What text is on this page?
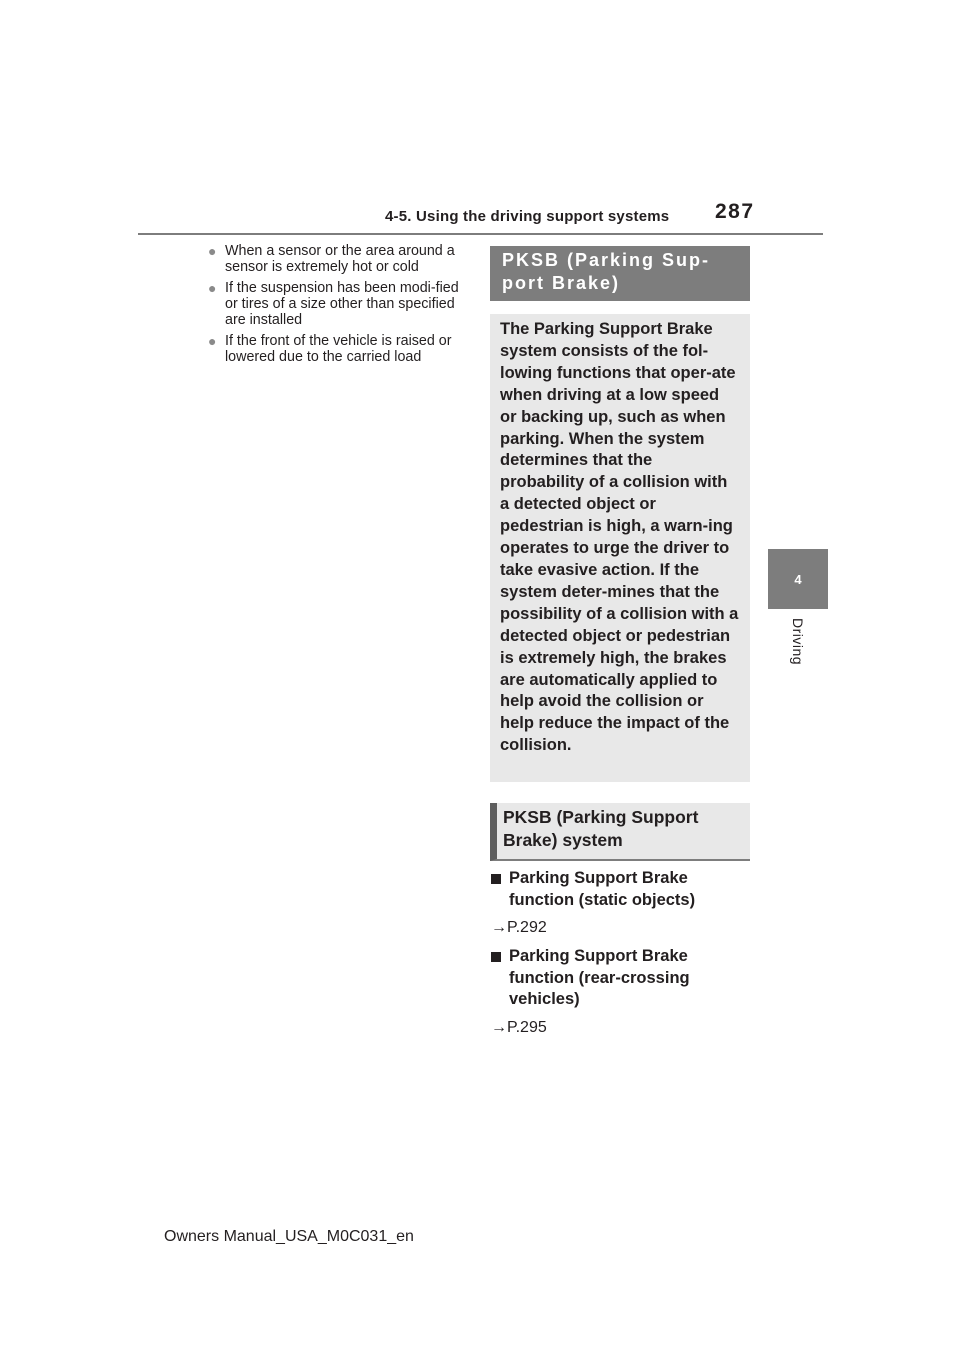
4-5. Using the driving support systems 287
4
Driving
● When a sensor or the area around a sensor is extremely hot or cold
● If the suspension has been modi-fied or tires of a size other than specified are installed
● If the front of the vehicle is raised or lowered due to the carried load
PKSB (Parking Sup-port Brake)
The Parking Support Brake system consists of the fol-lowing functions that oper-ate when driving at a low speed or backing up, such as when parking. When the system determines that the probability of a collision with a detected object or pedestrian is high, a warn-ing operates to urge the driver to take evasive action. If the system deter-mines that the possibility of a collision with a detected object or pedestrian is extremely high, the brakes are automatically applied to help avoid the collision or help reduce the impact of the collision.
PKSB (Parking Support Brake) system
Parking Support Brake function (static objects)
→P.292
Parking Support Brake function (rear-crossing vehicles)
→P.295
Owners Manual_USA_M0C031_en
